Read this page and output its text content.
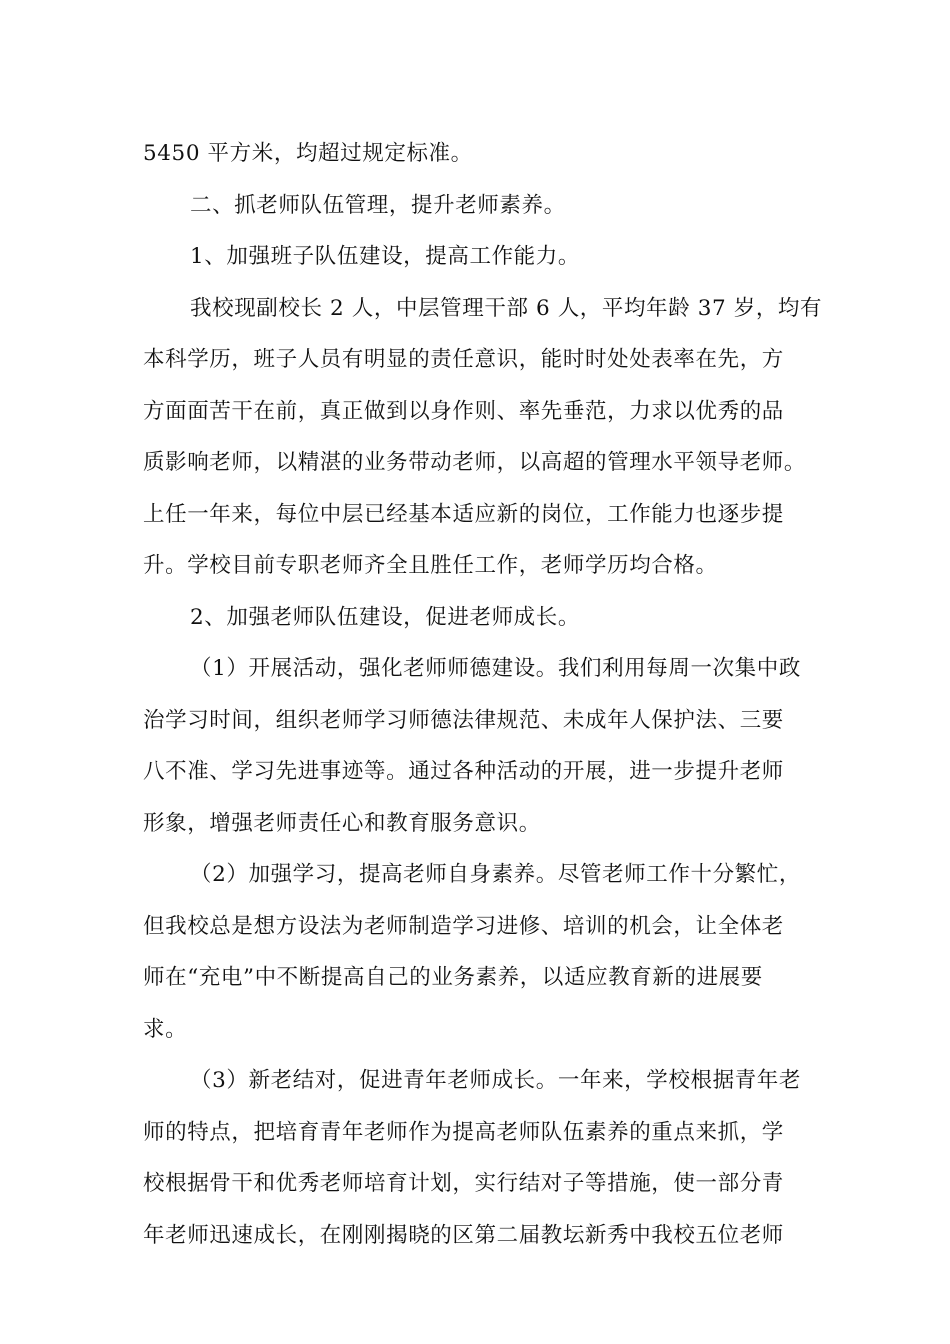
5450 平方米，均超过规定标准。
二、抓老师队伍管理，提升老师素养。
1、加强班子队伍建设，提高工作能力。
我校现副校长 2 人，中层管理干部 6 人，平均年龄 37 岁，均有
本科学历，班子人员有明显的责任意识，能时时处处表率在先，方
方面面苦干在前，真正做到以身作则、率先垂范，力求以优秀的品
质影响老师，以精湛的业务带动老师，以高超的管理水平领导老师。
上任一年来，每位中层已经基本适应新的岗位，工作能力也逐步提
升。学校目前专职老师齐全且胜任工作，老师学历均合格。
2、加强老师队伍建设，促进老师成长。
（1）开展活动，强化老师师德建设。我们利用每周一次集中政
治学习时间，组织老师学习师德法律规范、未成年人保护法、三要
八不准、学习先进事迹等。通过各种活动的开展，进一步提升老师
形象，增强老师责任心和教育服务意识。
（2）加强学习，提高老师自身素养。尽管老师工作十分繁忙，
但我校总是想方设法为老师制造学习进修、培训的机会，让全体老
师在“充电”中不断提高自己的业务素养，以适应教育新的进展要
求。
（3）新老结对，促进青年老师成长。一年来，学校根据青年老
师的特点，把培育青年老师作为提高老师队伍素养的重点来抓，学
校根据骨干和优秀老师培育计划，实行结对子等措施，使一部分青
年老师迅速成长，在刚刚揭晓的区第二届教坛新秀中我校五位老师
